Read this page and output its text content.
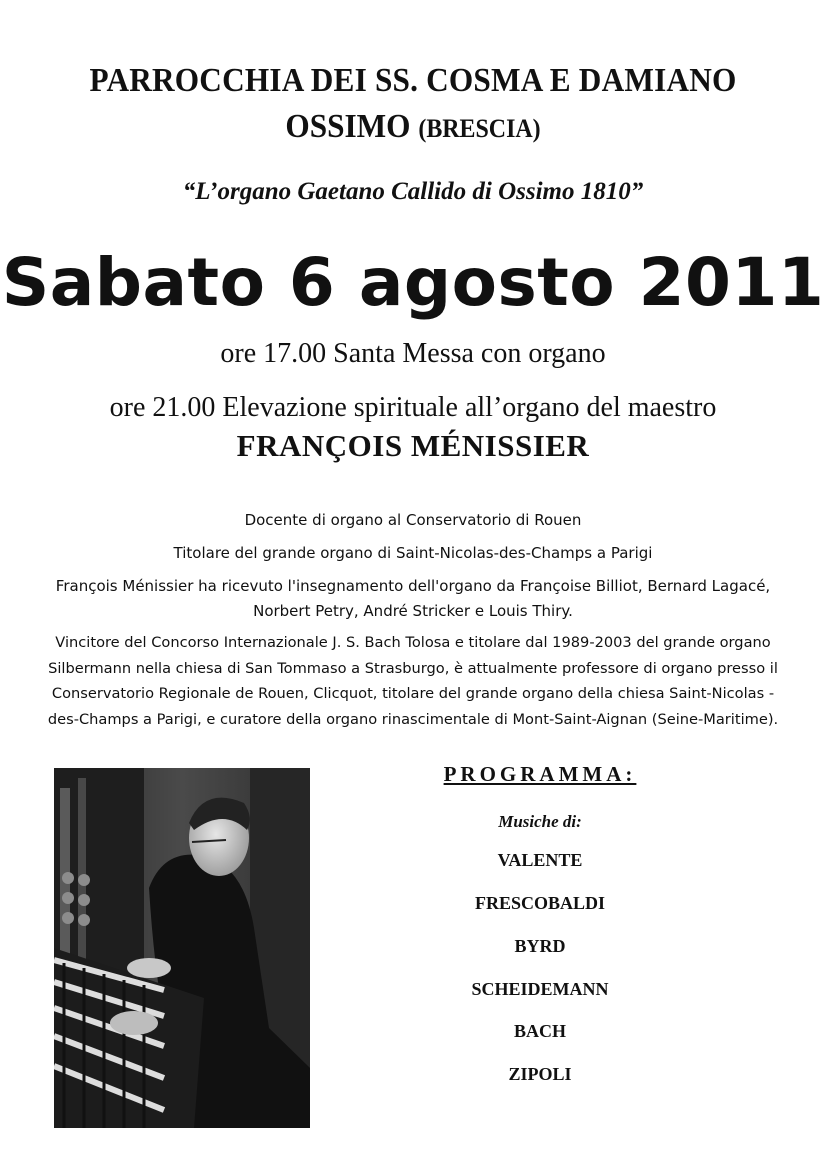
PARROCCHIA DEI SS. COSMA E DAMIANO
OSSIMO (BRESCIA)
“L’organo Gaetano Callido di Ossimo 1810”
Sabato 6 agosto 2011
ore 17.00 Santa Messa con organo
ore 21.00 Elevazione spirituale all’organo del maestro
FRANÇOIS MÉNISSIER
Docente di organo al Conservatorio di Rouen
Titolare del grande organo di Saint-Nicolas-des-Champs a Parigi
François Ménissier ha ricevuto l'insegnamento dell'organo da Françoise Billiot, Bernard Lagacé,
Norbert Petry, André Stricker e Louis Thiry.
Vincitore del Concorso Internazionale J. S. Bach Tolosa e titolare dal 1989-2003 del grande organo
Silbermann nella chiesa di San Tommaso a Strasburgo, è attualmente professore di organo presso il
Conservatorio Regionale de Rouen, Clicquot, titolare del grande organo della chiesa Saint-Nicolas -
des-Champs a Parigi, e curatore della organo rinascimentale di Mont-Saint-Aignan (Seine-Maritime).
PROGRAMMA:
Musiche di:
VALENTE
FRESCOBALDI
BYRD
SCHEIDEMANN
BACH
ZIPOLI
